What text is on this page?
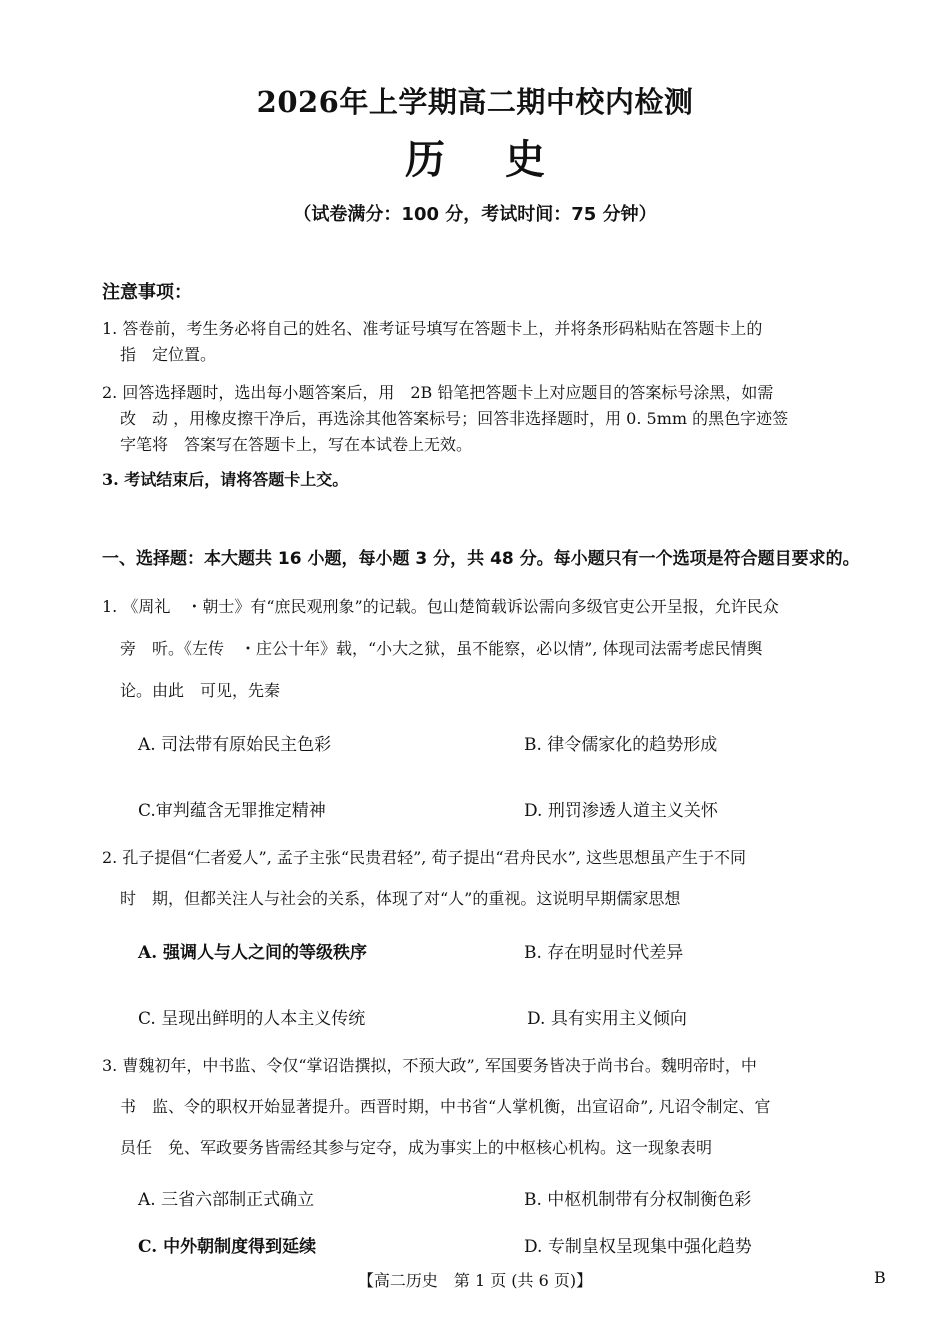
2026年上学期高二期中校内检测
历 史
（试卷满分：100 分，考试时间：75 分钟）
注意事项：
1. 答卷前，考生务必将自己的姓名、准考证号填写在答题卡上，并将条形码粘贴在答题卡上的
指　定位置。
2. 回答选择题时，选出每小题答案后，用　2B 铅笔把答题卡上对应题目的答案标号涂黑，如需
改　动 ，用橡皮擦干净后，再选涂其他答案标号；回答非选择题时，用 0. 5mm 的黑色字迹签
字笔将　答案写在答题卡上，写在本试卷上无效。
3. 考试结束后，请将答题卡上交。
一、选择题：本大题共 16 小题，每小题 3 分，共 48 分。每小题只有一个选项是符合题目要求的。
1. 《周礼　・朝士》有“庶民观刑象”的记载。包山楚简载诉讼需向多级官吏公开呈报，允许民众
旁　听。《左传　・庄公十年》载，“小大之狱，虽不能察，必以情”, 体现司法需考虑民情舆
论。由此　可见，先秦
A. 司法带有原始民主色彩	B. 律令儒家化的趋势形成
C.审判蕴含无罪推定精神	D. 刑罚渗透人道主义关怀
2. 孔子提倡“仁者爱人”, 孟子主张“民贵君轻”, 荀子提出“君舟民水”, 这些思想虽产生于不同
时　期，但都关注人与社会的关系，体现了对“人”的重视。这说明早期儒家思想
A. 强调人与人之间的等级秩序	B. 存在明显时代差异
C. 呈现出鲜明的人本主义传统	D. 具有实用主义倾向
3. 曹魏初年，中书监、令仅“掌诏诰撰拟，不预大政”, 军国要务皆决于尚书台。魏明帝时，中
书　监、令的职权开始显著提升。西晋时期，中书省“人掌机衡，出宣诏命”, 凡诏令制定、官
员任　免、军政要务皆需经其参与定夺，成为事实上的中枢核心机构。这一现象表明
A. 三省六部制正式确立	B. 中枢机制带有分权制衡色彩
C. 中外朝制度得到延续	D. 专制皇权呈现集中强化趋势
【高二历史　第 1 页 (共 6 页)】	B
